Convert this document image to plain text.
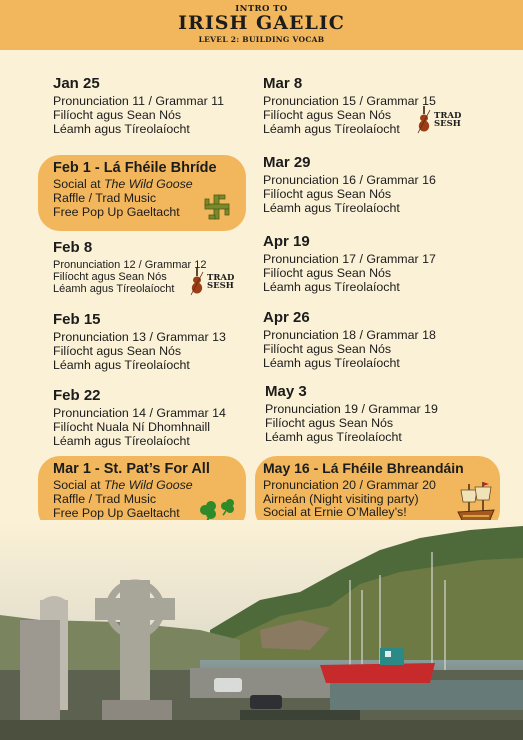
INTRO TO
IRISH GAELIC
LEVEL 2: BUILDING VOCAB
Jan 25
Pronunciation 11 / Grammar 11
Filíocht agus Sean Nós
Léamh agus Tíreolaíocht
Feb 1 - Lá Fhéile Bhríde
Social at The Wild Goose
Raffle / Trad Music
Free Pop Up Gaeltacht
Feb 8
Pronunciation 12 / Grammar 12
Filíocht agus Sean Nós
Léamh agus Tíreolaíocht
TRAD SESH
Feb 15
Pronunciation 13 / Grammar 13
Filíocht agus Sean Nós
Léamh agus Tíreolaíocht
Feb 22
Pronunciation 14 / Grammar 14
Filíocht Nuala Ní Dhomhnaill
Léamh agus Tíreolaíocht
Mar 1 - St. Pat’s For All
Social at The Wild Goose
Raffle / Trad Music
Free Pop Up Gaeltacht
Mar 8
Pronunciation 15 / Grammar 15
Filíocht agus Sean Nós
Léamh agus Tíreolaíocht
TRAD SESH
Mar 29
Pronunciation 16 / Grammar 16
Filíocht agus Sean Nós
Léamh agus Tíreolaíocht
Apr 19
Pronunciation 17 / Grammar 17
Filíocht agus Sean Nós
Léamh agus Tíreolaíocht
Apr 26
Pronunciation 18 / Grammar 18
Filíocht agus Sean Nós
Léamh agus Tíreolaíocht
May 3
Pronunciation 19 / Grammar 19
Filíocht agus Sean Nós
Léamh agus Tíreolaíocht
May 16 - Lá Fhéile Bhreandáin
Pronunciation 20 / Grammar 20
Airneán (Night visiting party)
Social at Ernie O’Malley’s!
